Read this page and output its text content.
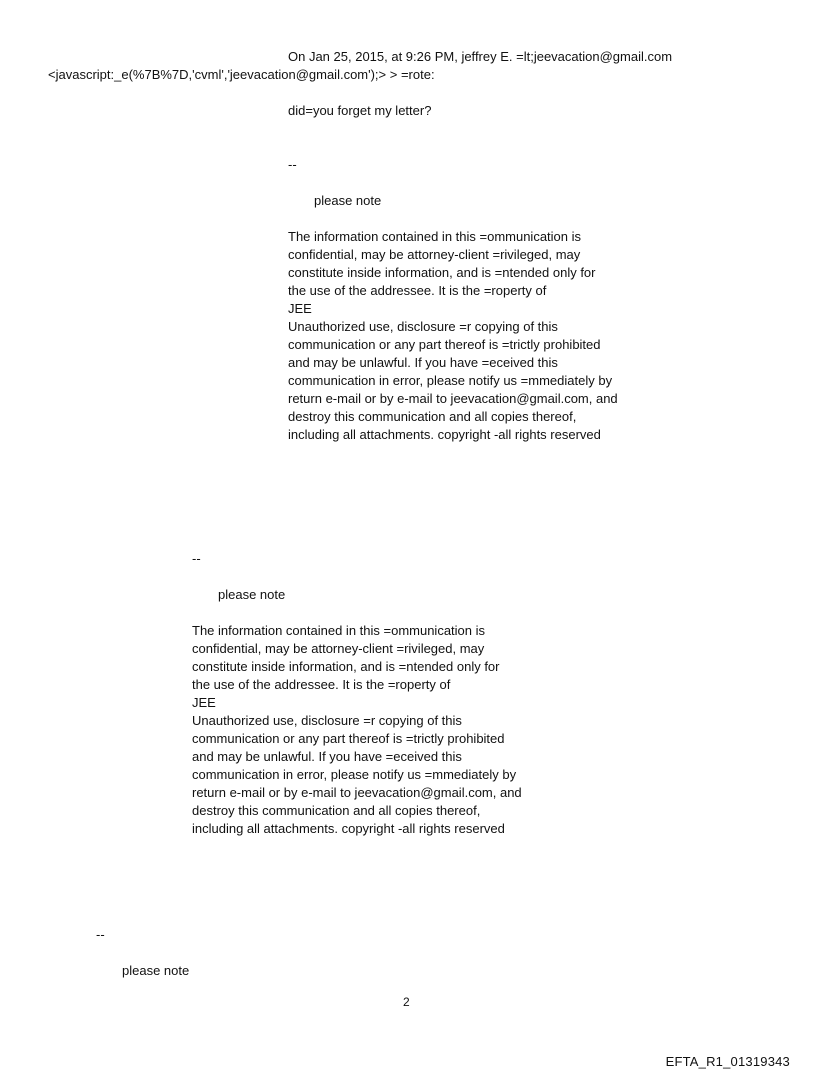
On Jan 25, 2015, at 9:26 PM, jeffrey E. =lt;jeevacation@gmail.com

<javascript:_e(%7B%7D,'cvml','jeevacation@gmail.com');> > =rote:

did=you forget my letter?

--

please note

The information contained in this =ommunication is
confidential, may be attorney-client =rivileged, may
constitute inside information, and is =ntended only for
the use of the addressee. It is the =roperty of
JEE
Unauthorized use, disclosure =r copying of this
communication or any part thereof is =trictly prohibited
and may be unlawful. If you have =eceived this
communication in error, please notify us =mmediately by
return e-mail or by e-mail to jeevacation@gmail.com, and
destroy this communication and all copies thereof,
including all attachments. copyright -all rights reserved

--

please note

The information contained in this =ommunication is
confidential, may be attorney-client =rivileged, may
constitute inside information, and is =ntended only for
the use of the addressee. It is the =roperty of
JEE
Unauthorized use, disclosure =r copying of this
communication or any part thereof is =trictly prohibited
and may be unlawful. If you have =eceived this
communication in error, please notify us =mmediately by
return e-mail or by e-mail to jeevacation@gmail.com, and
destroy this communication and all copies thereof,
including all attachments. copyright -all rights reserved

--

please note

2
EFTA_R1_01319343
